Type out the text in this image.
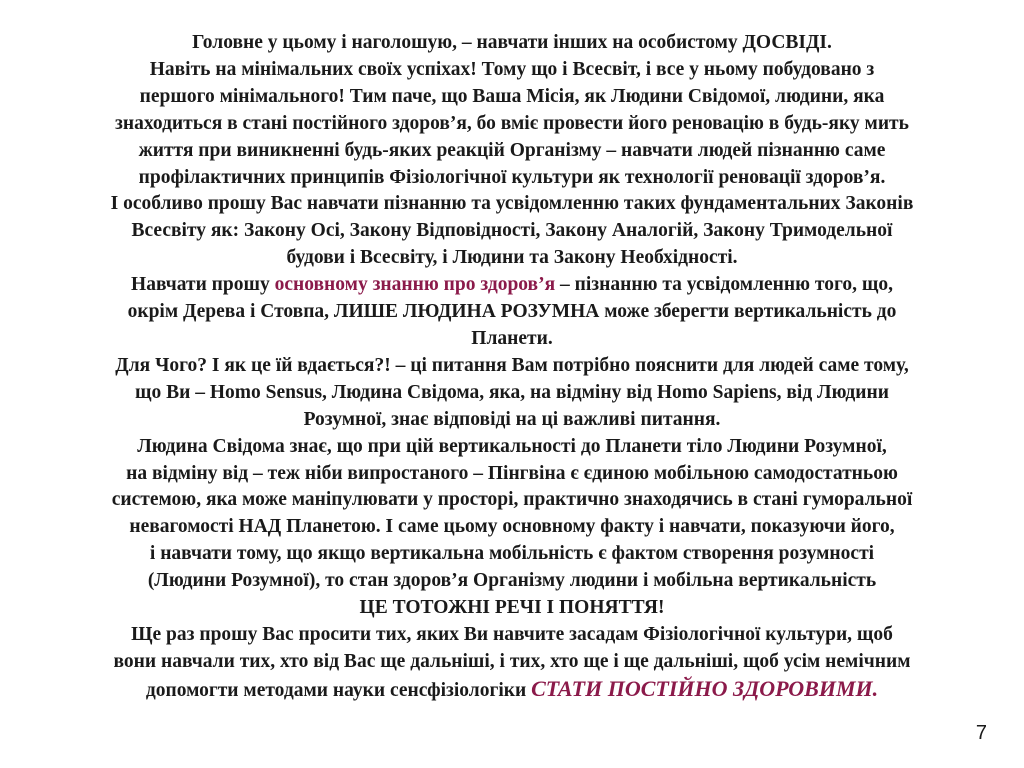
Головне у цьому і наголошую, – навчати інших на особистому ДОСВІДІ.
Навіть на мінімальних своїх успіхах! Тому що і Всесвіт, і все у ньому побудовано з
першого мінімального! Тим паче, що Ваша Місія, як Людини Свідомої, людини, яка
знаходиться в стані постійного здоров’я, бо вміє провести його реновацію в будь-яку мить
життя при виникненні будь-яких реакцій Організму – навчати людей пізнанню саме
профілактичних принципів Фізіологічної культури як технології реновації здоров’я.
І особливо прошу Вас навчати пізнанню та усвідомленню таких фундаментальних Законів
Всесвіту як: Закону Осі, Закону Відповідності, Закону Аналогій, Закону Тримодельної
будови і Всесвіту, і Людини та Закону Необхідності.
Навчати прошу основному знанню про здоров’я – пізнанню та усвідомленню того, що,
окрім Дерева і Стовпа, ЛИШЕ ЛЮДИНА РОЗУМНА може зберегти вертикальність до
Планети.
Для Чого? І як це їй вдається?! – ці питання Вам потрібно пояснити для людей саме тому,
що Ви – Homo Sensus, Людина Свідома, яка, на відміну від Homo Sapiens, від Людини
Розумної, знає відповіді на ці важливі питання.
Людина Свідома знає, що при цій вертикальності до Планети тіло Людини Розумної,
на відміну від – теж ніби випростаного – Пінгвіна є єдиною мобільною самодостатньою
системою, яка може маніпулювати у просторі, практично знаходячись в стані гуморальної
невагомості НАД Планетою. І саме цьому основному факту і навчати, показуючи його,
і навчати тому, що якщо вертикальна мобільність є фактом створення розумності
(Людини Розумної), то стан здоров’я Організму людини і мобільна вертикальність
ЦЕ ТОТОЖНІ РЕЧІ І ПОНЯТТЯ!
Ще раз прошу Вас просити тих, яких Ви навчите засадам Фізіологічної культури, щоб
вони навчали тих, хто від Вас ще дальніші, і тих, хто ще і ще дальніші, щоб усім немічним
допомогти методами науки сенсфізіологіки СТАТИ ПОСТІЙНО ЗДОРОВИМИ.
7
